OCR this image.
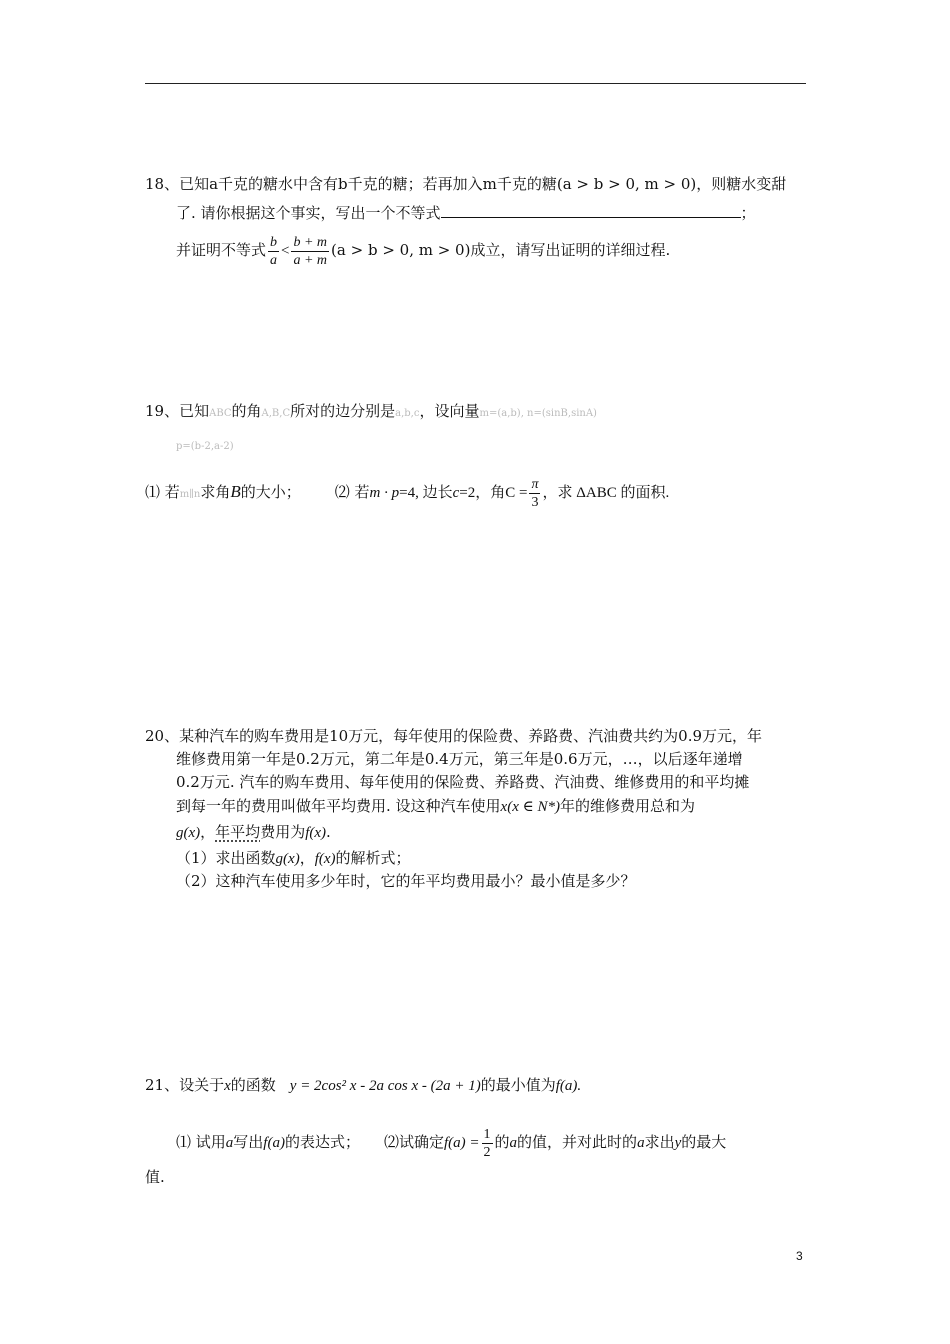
18、已知a千克的糖水中含有b千克的糖；若再加入m千克的糖(a > b > 0, m > 0)，则糖水变甜
了. 请你根据这个事实，写出一个不等式	；
并证明不等式 $\frac{b}{a} < \frac{b + m}{a + m} (a > b > 0$, m > 0)成立，请写出证明的详细过程.
19、已知ABC的角A,B,C所对的边分别是a,b,c，设向量m=(a,b), n=(sinB,sinA)
p=(b-2,a-2)
⑴ 若m∥n求角B的大小； ⑵ 若m · p=4, 边长c=2，角$C = \frac{\pi}{3}$ ，求 ΔABC 的面积.
20、某种汽车的购车费用是10万元，每年使用的保险费、养路费、汽油费共约为0.9万元，年
维修费用第一年是0.2万元，第二年是0.4万元，第三年是0.6万元，…，以后逐年递增
0.2万元. 汽车的购车费用、每年使用的保险费、养路费、汽油费、维修费用的和平均摊
到每一年的费用叫做年平均费用. 设这种汽车使用x(x ∈ N*)年的维修费用总和为
g(x)，年平均费用为f(x).
（1）求出函数g(x)，f(x)的解析式；
（2）这种汽车使用多少年时，它的年平均费用最小？最小值是多少？
21、设关于x的函数 y = 2cos² x - 2a cos x - (2a + 1)的最小值为f(a).
⑴ 试用a写出f(a)的表达式； ⑵试确定$f(a) = \frac{1}{2}$ 的a的值，并对此时的a求出y的最大
值.
3
